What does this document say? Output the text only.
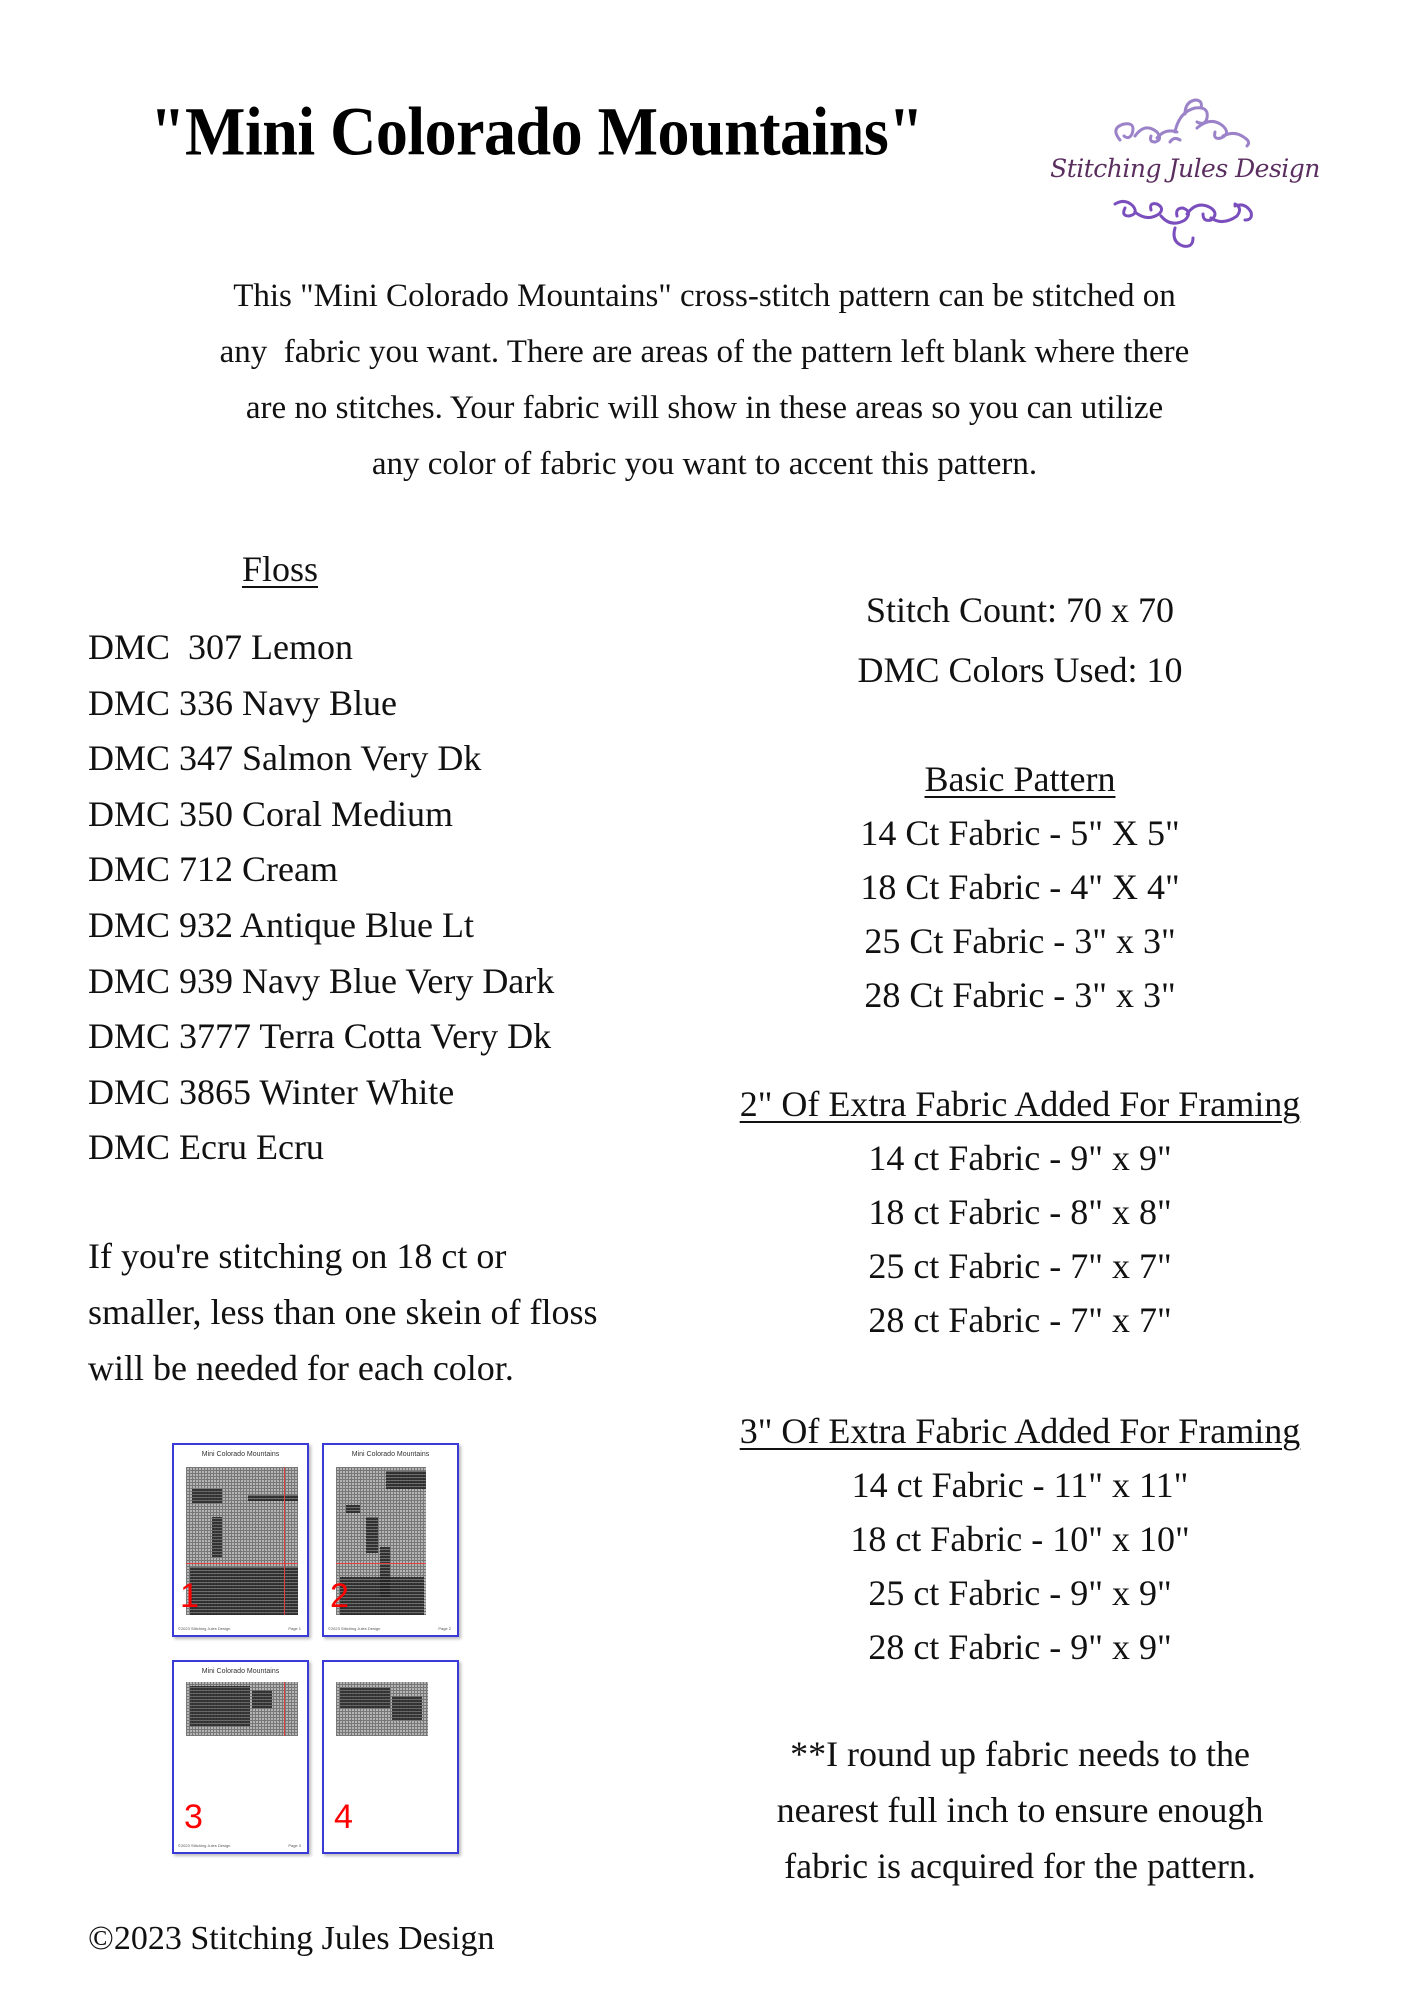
"Mini Colorado Mountains"	Stitching Jules Design
This "Mini Colorado Mountains" cross-stitch pattern can be stitched on
any  fabric you want. There are areas of the pattern left blank where there
are no stitches. Your fabric will show in these areas so you can utilize
any color of fabric you want to accent this pattern.
Floss
DMC  307 Lemon
DMC 336 Navy Blue
DMC 347 Salmon Very Dk
DMC 350 Coral Medium
DMC 712 Cream
DMC 932 Antique Blue Lt
DMC 939 Navy Blue Very Dark
DMC 3777 Terra Cotta Very Dk
DMC 3865 Winter White
DMC Ecru Ecru
If you're stitching on 18 ct or
smaller, less than one skein of floss
will be needed for each color.
Stitch Count: 70 x 70
DMC Colors Used: 10
Basic Pattern
14 Ct Fabric - 5" X 5"
18 Ct Fabric - 4" X 4"
25 Ct Fabric - 3" x 3"
28 Ct Fabric - 3" x 3"
2" Of Extra Fabric Added For Framing
14 ct Fabric - 9" x 9"
18 ct Fabric - 8" x 8"
25 ct Fabric - 7" x 7"
28 ct Fabric - 7" x 7"
3" Of Extra Fabric Added For Framing
14 ct Fabric - 11" x 11"
18 ct Fabric - 10" x 10"
25 ct Fabric - 9" x 9"
28 ct Fabric - 9" x 9"
**I round up fabric needs to the
nearest full inch to ensure enough
fabric is acquired for the pattern.
Mini Colorado Mountains
1
©2023 Stitching Jules Design	Page 1
Mini Colorado Mountains
2
©2023 Stitching Jules Design	Page 2
Mini Colorado Mountains
3
©2023 Stitching Jules Design	Page 3
4
©2023 Stitching Jules Design
